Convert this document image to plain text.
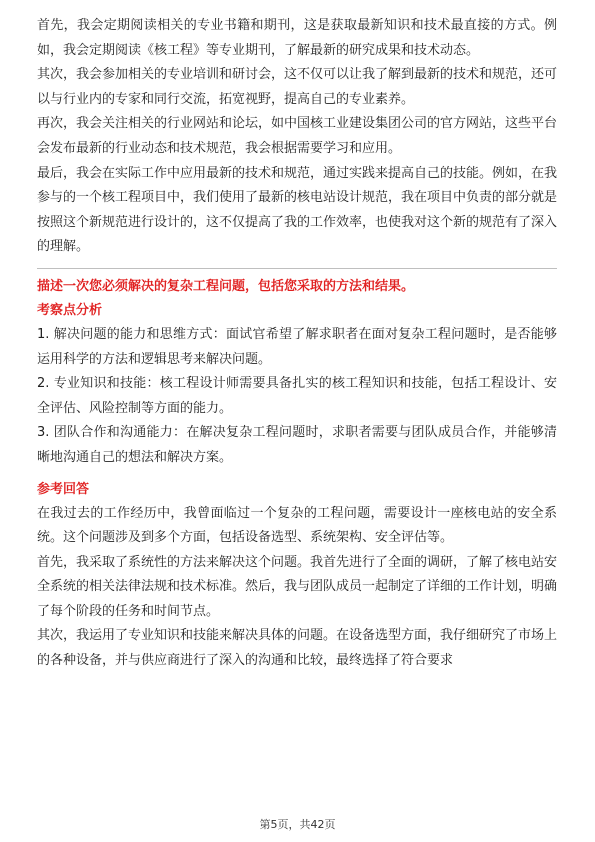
首先，我会定期阅读相关的专业书籍和期刊，这是获取最新知识和技术最直接的方式。例如，我会定期阅读《核工程》等专业期刊，了解最新的研究成果和技术动态。

其次，我会参加相关的专业培训和研讨会，这不仅可以让我了解到最新的技术和规范，还可以与行业内的专家和同行交流，拓宽视野，提高自己的专业素养。

再次，我会关注相关的行业网站和论坛，如中国核工业建设集团公司的官方网站，这些平台会发布最新的行业动态和技术规范，我会根据需要学习和应用。

最后，我会在实际工作中应用最新的技术和规范，通过实践来提高自己的技能。例如，在我参与的一个核工程项目中，我们使用了最新的核电站设计规范，我在项目中负责的部分就是按照这个新规范进行设计的，这不仅提高了我的工作效率，也使我对这个新的规范有了深入的理解。

描述一次您必须解决的复杂工程问题，包括您采取的方法和结果。

考察点分析

1. 解决问题的能力和思维方式：面试官希望了解求职者在面对复杂工程问题时，是否能够运用科学的方法和逻辑思考来解决问题。

2. 专业知识和技能：核工程设计师需要具备扎实的核工程知识和技能，包括工程设计、安全评估、风险控制等方面的能力。

3. 团队合作和沟通能力：在解决复杂工程问题时，求职者需要与团队成员合作，并能够清晰地沟通自己的想法和解决方案。

参考回答

在我过去的工作经历中，我曾面临过一个复杂的工程问题，需要设计一座核电站的安全系统。这个问题涉及到多个方面，包括设备选型、系统架构、安全评估等。

首先，我采取了系统性的方法来解决这个问题。我首先进行了全面的调研，了解了核电站安全系统的相关法律法规和技术标准。然后，我与团队成员一起制定了详细的工作计划，明确了每个阶段的任务和时间节点。

其次，我运用了专业知识和技能来解决具体的问题。在设备选型方面，我仔细研究了市场上的各种设备，并与供应商进行了深入的沟通和比较，最终选择了符合要求

第5页，共42页
